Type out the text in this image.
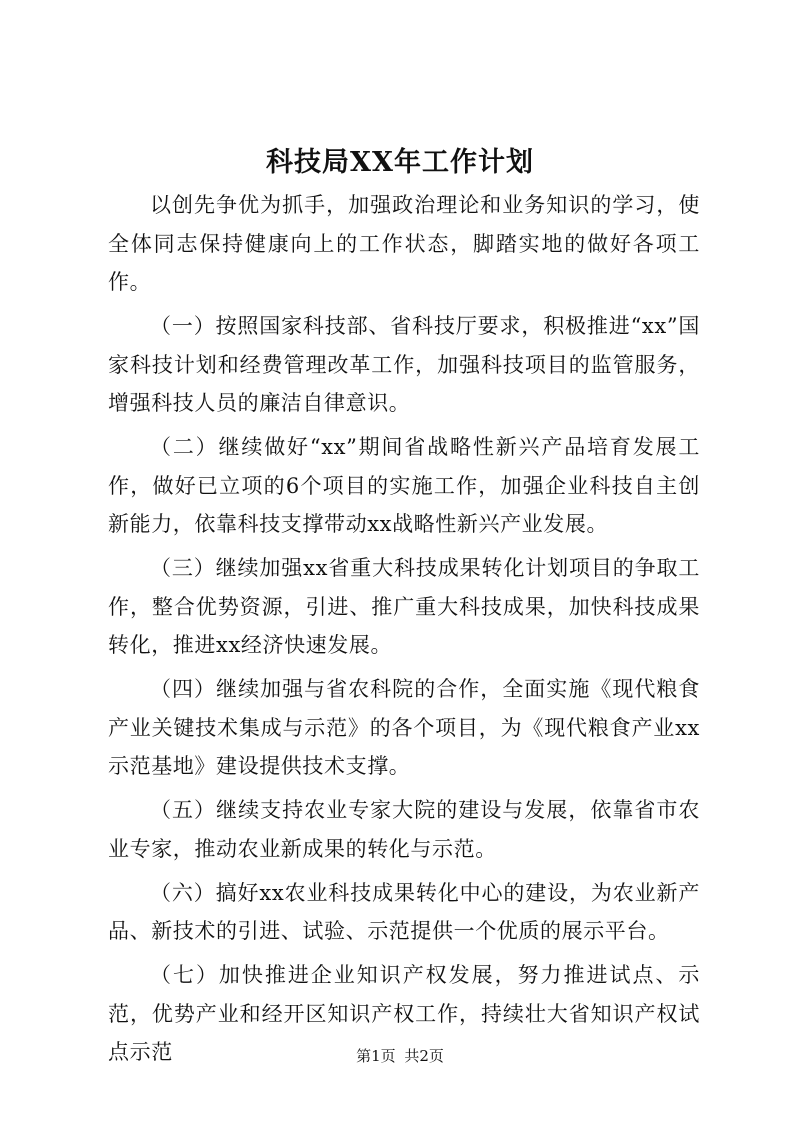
科技局XX年工作计划

以创先争优为抓手，加强政治理论和业务知识的学习，使全体同志保持健康向上的工作状态，脚踏实地的做好各项工作。

（一）按照国家科技部、省科技厅要求，积极推进“xx”国家科技计划和经费管理改革工作，加强科技项目的监管服务，增强科技人员的廉洁自律意识。

（二）继续做好“xx”期间省战略性新兴产品培育发展工作，做好已立项的6个项目的实施工作，加强企业科技自主创新能力，依靠科技支撑带动xx战略性新兴产业发展。

（三）继续加强xx省重大科技成果转化计划项目的争取工作，整合优势资源，引进、推广重大科技成果，加快科技成果转化，推进xx经济快速发展。

（四）继续加强与省农科院的合作，全面实施《现代粮食产业关键技术集成与示范》的各个项目，为《现代粮食产业xx示范基地》建设提供技术支撑。

（五）继续支持农业专家大院的建设与发展，依靠省市农业专家，推动农业新成果的转化与示范。

（六）搞好xx农业科技成果转化中心的建设，为农业新产品、新技术的引进、试验、示范提供一个优质的展示平台。

（七）加快推进企业知识产权发展，努力推进试点、示范，优势产业和经开区知识产权工作，持续壮大省知识产权试点示范	第1页 共2页
